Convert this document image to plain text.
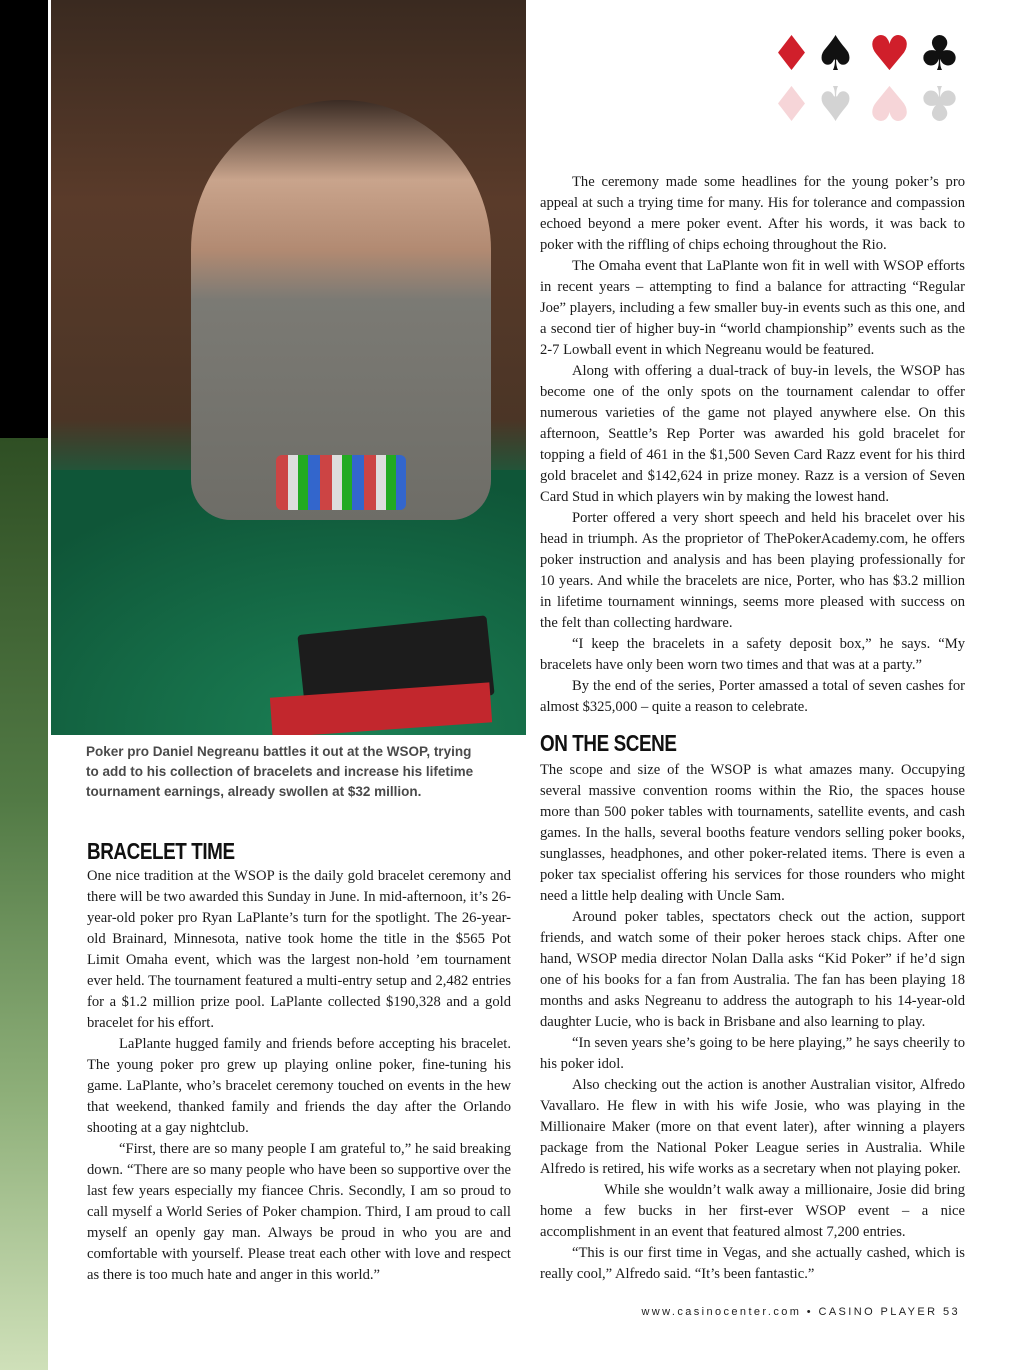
♦ ♠ ♥ ♣
♦ ♠ ♥ ♣
Poker pro Daniel Negreanu battles it out at the WSOP, trying to add to his collection of bracelets and increase his lifetime tournament earnings, already swollen at $32 million.
BRACELET TIME

One nice tradition at the WSOP is the daily gold bracelet ceremony and there will be two awarded this Sunday in June. In mid-afternoon, it’s 26-year-old poker pro Ryan LaPlante’s turn for the spotlight. The 26-year-old Brainard, Minnesota, native took home the title in the $565 Pot Limit Omaha event, which was the largest non-hold ’em tournament ever held. The tournament featured a multi-entry setup and 2,482 entries for a $1.2 million prize pool. LaPlante collected $190,328 and a gold bracelet for his effort.

LaPlante hugged family and friends before accepting his bracelet. The young poker pro grew up playing online poker, fine-tuning his game. LaPlante, who’s bracelet ceremony touched on events in the hew that weekend, thanked family and friends the day after the Orlando shooting at a gay nightclub.

“First, there are so many people I am grateful to,” he said breaking down. “There are so many people who have been so supportive over the last few years especially my fiancee Chris. Secondly, I am so proud to call myself a World Series of Poker champion. Third, I am proud to call myself an openly gay man. Always be proud in who you are and comfortable with yourself. Please treat each other with love and respect as there is too much hate and anger in this world.”

The ceremony made some headlines for the young poker’s pro appeal at such a trying time for many. His for tolerance and compassion echoed beyond a mere poker event. After his words, it was back to poker with the riffling of chips echoing throughout the Rio.

The Omaha event that LaPlante won fit in well with WSOP efforts in recent years – attempting to find a balance for attracting “Regular Joe” players, including a few smaller buy-in events such as this one, and a second tier of higher buy-in “world championship” events such as the 2-7 Lowball event in which Negreanu would be featured.

Along with offering a dual-track of buy-in levels, the WSOP has become one of the only spots on the tournament calendar to offer numerous varieties of the game not played anywhere else. On this afternoon, Seattle’s Rep Porter was awarded his gold bracelet for topping a field of 461 in the $1,500 Seven Card Razz event for his third gold bracelet and $142,624 in prize money. Razz is a version of Seven Card Stud in which players win by making the lowest hand.

Porter offered a very short speech and held his bracelet over his head in triumph. As the proprietor of ThePokerAcademy.com, he offers poker instruction and analysis and has been playing professionally for 10 years. And while the bracelets are nice, Porter, who has $3.2 million in lifetime tournament winnings, seems more pleased with success on the felt than collecting hardware.

“I keep the bracelets in a safety deposit box,” he says. “My bracelets have only been worn two times and that was at a party.”

By the end of the series, Porter amassed a total of seven cashes for almost $325,000 – quite a reason to celebrate.

ON THE SCENE

The scope and size of the WSOP is what amazes many. Occupying several massive convention rooms within the Rio, the spaces house more than 500 poker tables with tournaments, satellite events, and cash games. In the halls, several booths feature vendors selling poker books, sunglasses, headphones, and other poker-related items. There is even a poker tax specialist offering his services for those rounders who might need a little help dealing with Uncle Sam.

Around poker tables, spectators check out the action, support friends, and watch some of their poker heroes stack chips. After one hand, WSOP media director Nolan Dalla asks “Kid Poker” if he’d sign one of his books for a fan from Australia. The fan has been playing 18 months and asks Negreanu to address the autograph to his 14-year-old daughter Lucie, who is back in Brisbane and also learning to play.

“In seven years she’s going to be here playing,” he says cheerily to his poker idol.

Also checking out the action is another Australian visitor, Alfredo Vavallaro. He flew in with his wife Josie, who was playing in the Millionaire Maker (more on that event later), after winning a players package from the National Poker League series in Australia. While Alfredo is retired, his wife works as a secretary when not playing poker.

While she wouldn’t walk away a millionaire, Josie did bring home a few bucks in her first-ever WSOP event – a nice accomplishment in an event that featured almost 7,200 entries.

“This is our first time in Vegas, and she actually cashed, which is really cool,” Alfredo said. “It’s been fantastic.”

www.casinocenter.com • CASINO PLAYER 53
